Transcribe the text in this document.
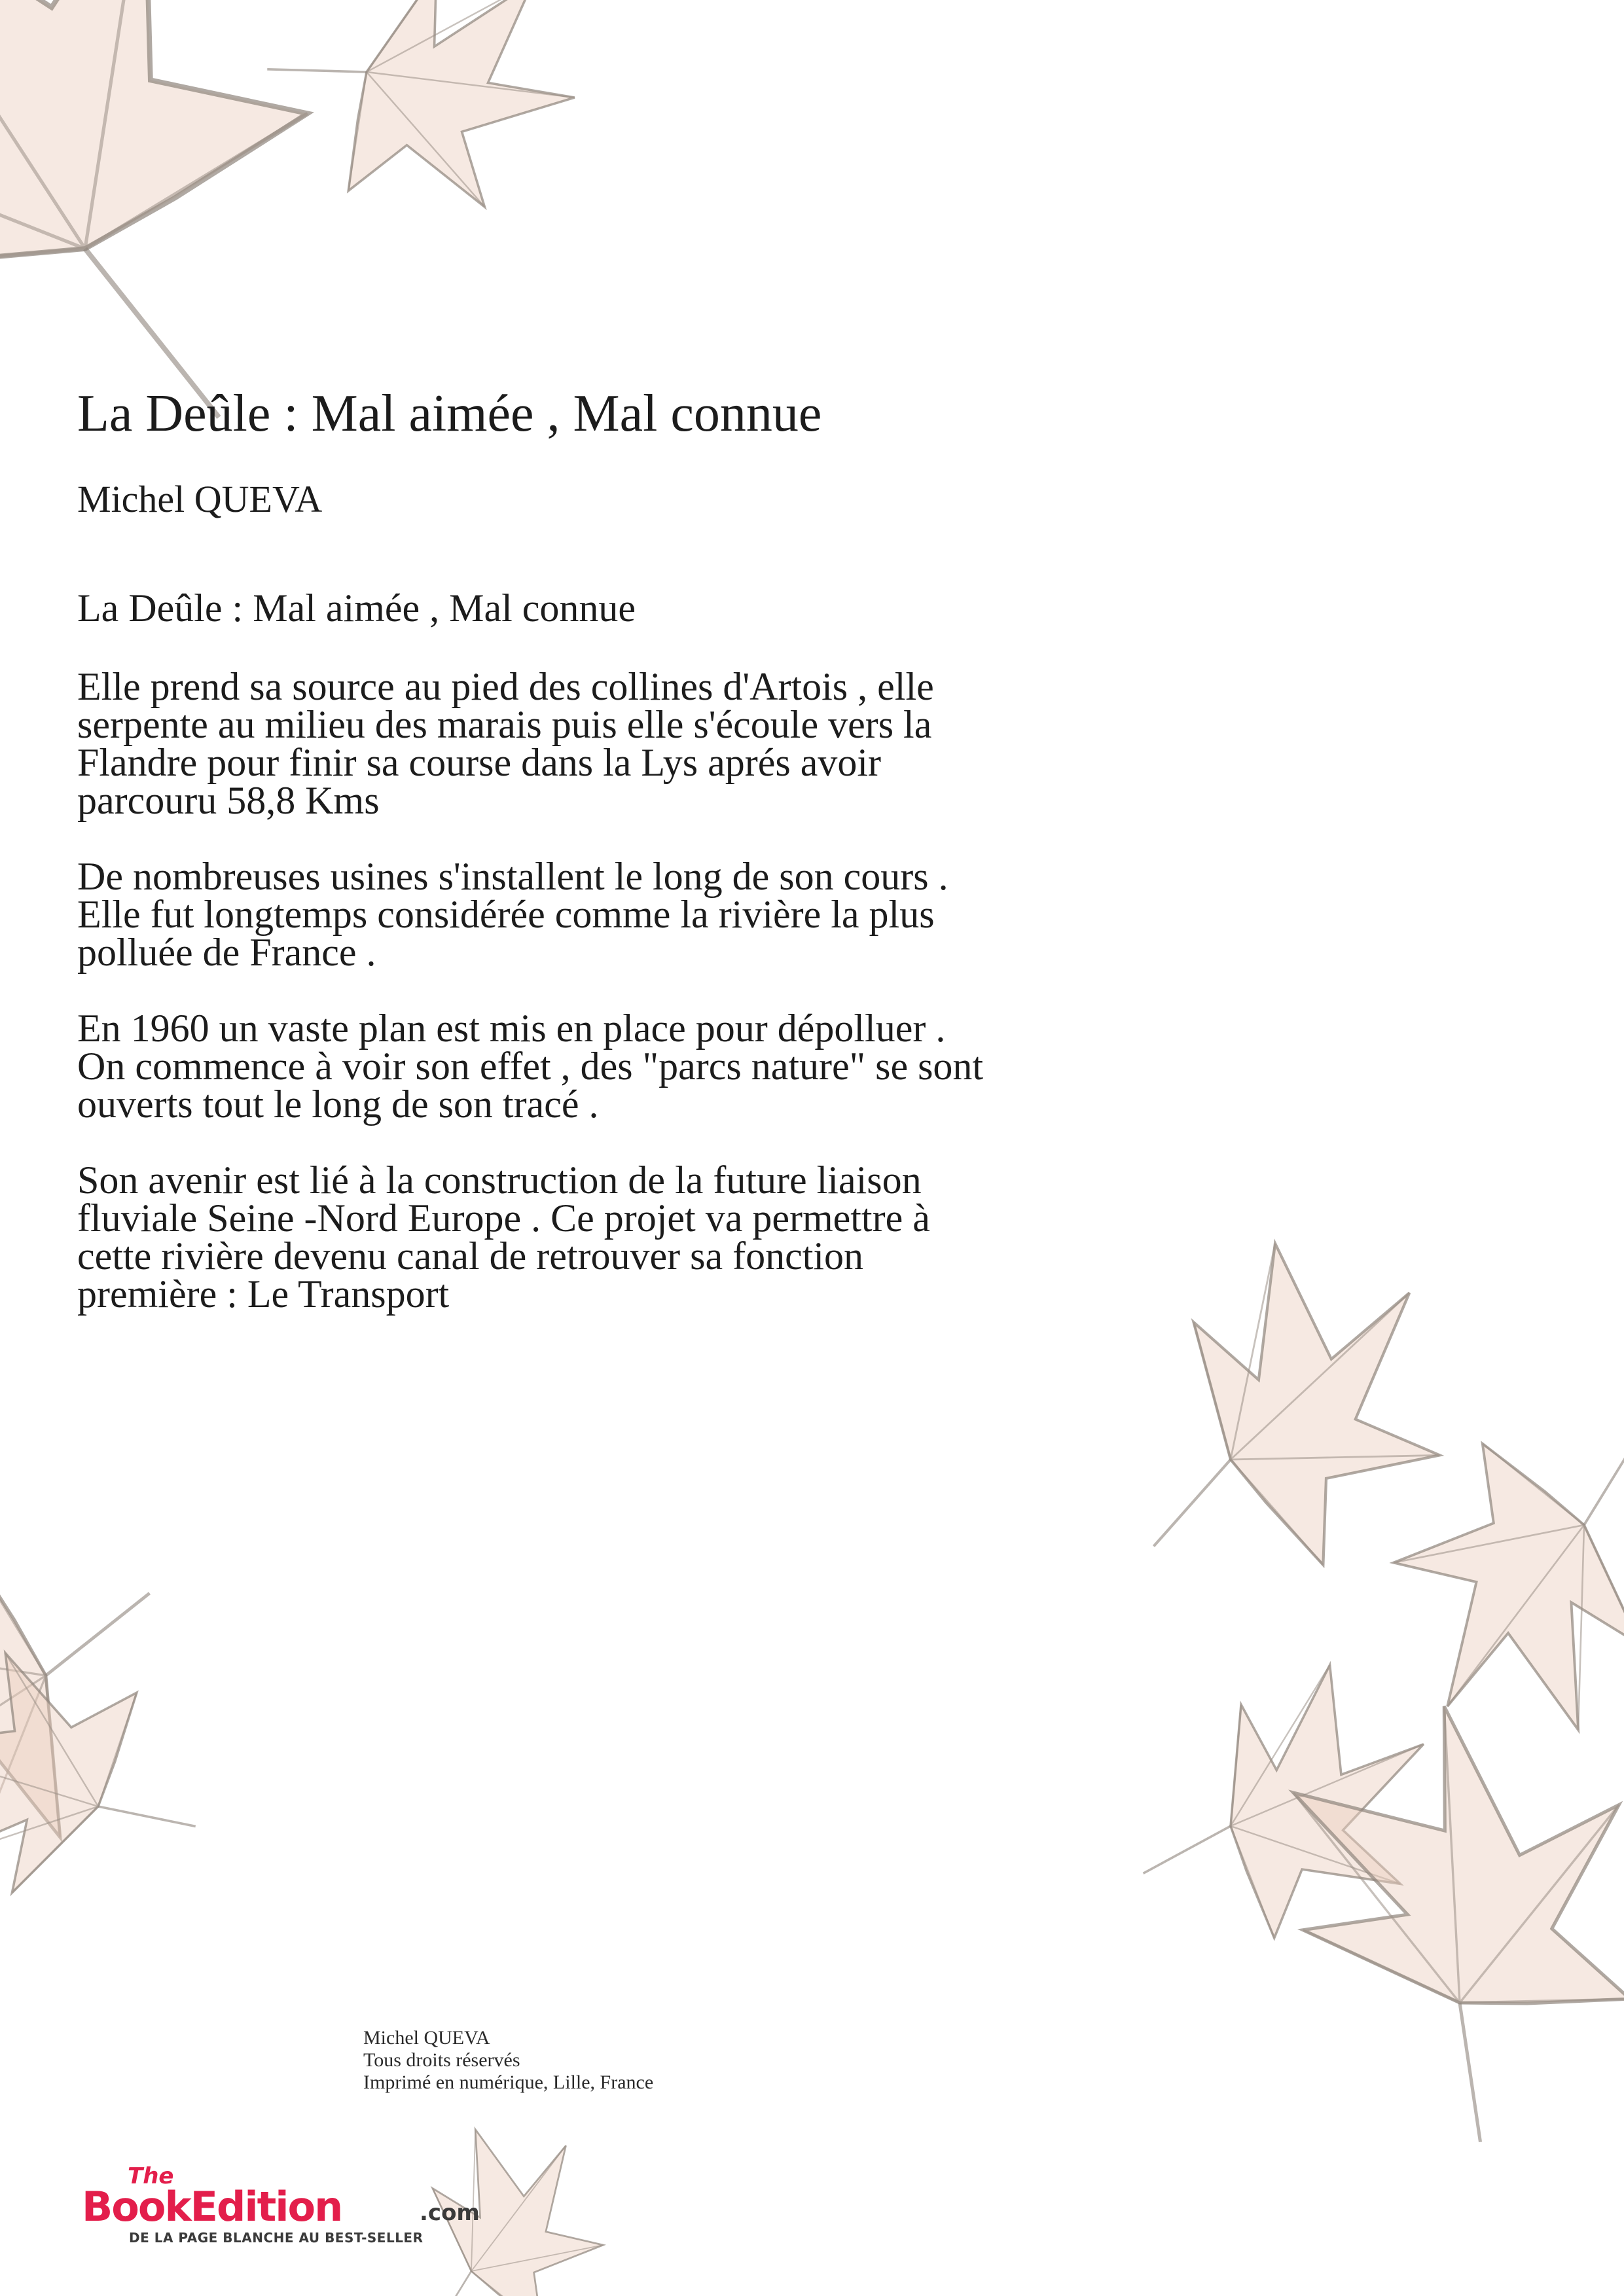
La Deûle : Mal aimée , Mal connue
Michel QUEVA

La Deûle : Mal aimée , Mal connue

Elle prend sa source au pied des collines d'Artois , elle
serpente au milieu des marais puis elle s'écoule vers la
Flandre pour finir sa course dans la Lys aprés avoir
parcouru 58,8 Kms

De nombreuses usines s'installent le long de son cours .
Elle fut longtemps considérée comme la rivière la plus
polluée de France .

En 1960 un vaste plan est mis en place pour dépolluer .
On commence à voir son effet , des "parcs nature" se sont
ouverts tout le long de son tracé .

Son avenir est lié à la construction de la future liaison
fluviale Seine -Nord Europe . Ce projet va permettre à
cette rivière devenu canal de retrouver sa fonction
première : Le Transport

Michel QUEVA
Tous droits réservés
Imprimé en numérique, Lille, France
The
BookEdition	.com
DE LA PAGE BLANCHE AU BEST-SELLER
